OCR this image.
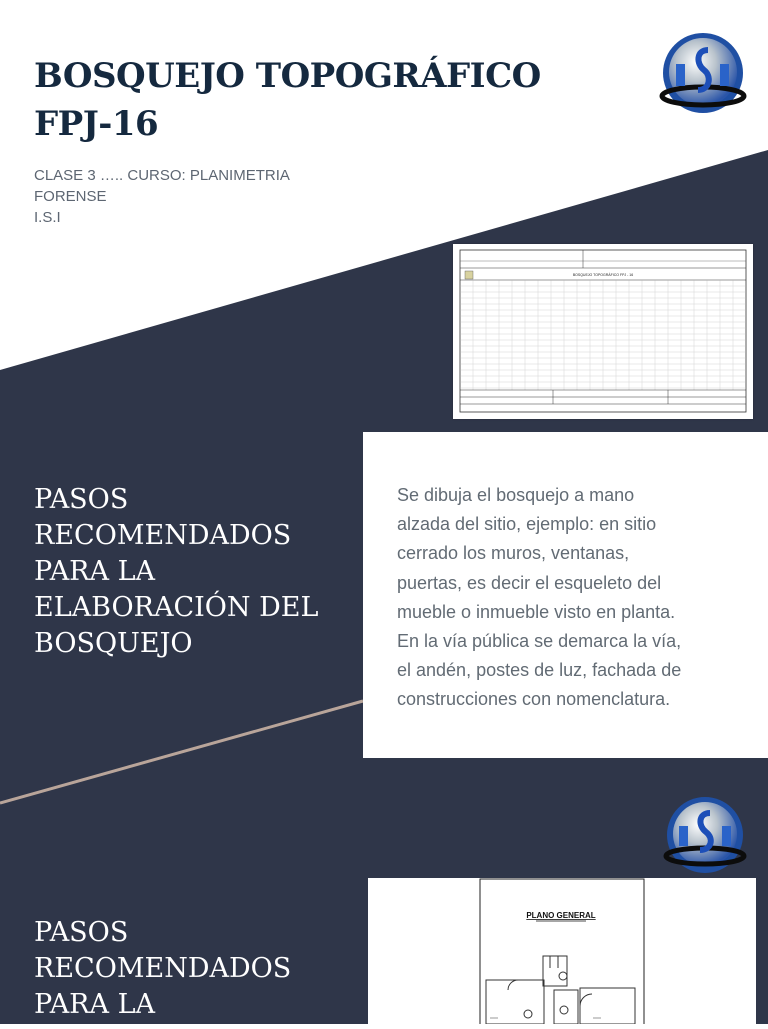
BOSQUEJO TOPOGRÁFICO
FPJ-16
CLASE 3 ….. CURSO: PLANIMETRIA
FORENSE
I.S.I
BOSQUEJO TOPOGRÁFICO FPJ - 16
PASOS
RECOMENDADOS
PARA LA
ELABORACIÓN DEL
BOSQUEJO

Se dibuja el bosquejo a mano
alzada del sitio, ejemplo: en sitio
cerrado los muros, ventanas,
puertas, es decir el esqueleto del
mueble o inmueble visto en planta.
En la vía pública se demarca la vía,
el andén, postes de luz, fachada de
construcciones con nomenclatura.

PASOS
RECOMENDADOS
PARA LA
PLANO GENERAL
